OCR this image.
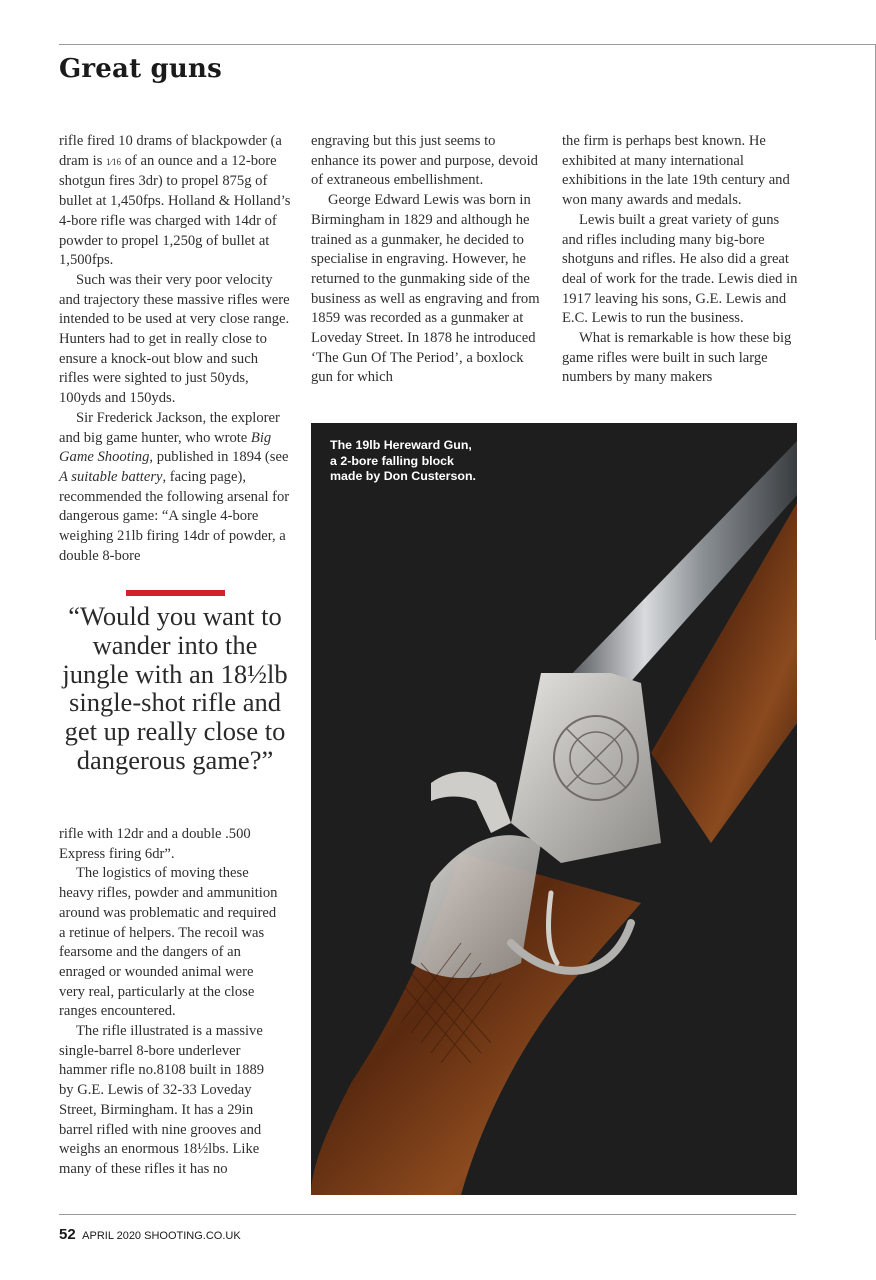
Great guns

rifle fired 10 drams of blackpowder (a dram is 1⁄16 of an ounce and a 12-bore shotgun fires 3dr) to propel 875g of bullet at 1,450fps. Holland & Holland’s 4-bore rifle was charged with 14dr of powder to propel 1,250g of bullet at 1,500fps.

Such was their very poor velocity and trajectory these massive rifles were intended to be used at very close range. Hunters had to get in really close to ensure a knock-out blow and such rifles were sighted to just 50yds, 100yds and 150yds.

Sir Frederick Jackson, the explorer and big game hunter, who wrote Big Game Shooting, published in 1894 (see A suitable battery, facing page), recommended the following arsenal for dangerous game: “A single 4-bore weighing 21lb firing 14dr of powder, a double 8-bore

“Would you want to wander into the jungle with an 18½lb single-shot rifle and get up really close to dangerous game?”

rifle with 12dr and a double .500 Express firing 6dr”.

The logistics of moving these heavy rifles, powder and ammunition around was problematic and required a retinue of helpers. The recoil was fearsome and the dangers of an enraged or wounded animal were very real, particularly at the close ranges encountered.

The rifle illustrated is a massive single-barrel 8-bore underlever hammer rifle no.8108 built in 1889 by G.E. Lewis of 32-33 Loveday Street, Birmingham. It has a 29in barrel rifled with nine grooves and weighs an enormous 18½lbs. Like many of these rifles it has no

engraving but this just seems to enhance its power and purpose, devoid of extraneous embellishment.

George Edward Lewis was born in Birmingham in 1829 and although he trained as a gunmaker, he decided to specialise in engraving. However, he returned to the gunmaking side of the business as well as engraving and from 1859 was recorded as a gunmaker at Loveday Street. In 1878 he introduced ‘The Gun Of The Period’, a boxlock gun for which

the firm is perhaps best known. He exhibited at many international exhibitions in the late 19th century and won many awards and medals.

Lewis built a great variety of guns and rifles including many big-bore shotguns and rifles. He also did a great deal of work for the trade. Lewis died in 1917 leaving his sons, G.E. Lewis and E.C. Lewis to run the business.

What is remarkable is how these big game rifles were built in such large numbers by many makers

The 19lb Hereward Gun,
a 2-bore falling block
made by Don Custerson.

52 APRIL 2020 SHOOTING.CO.UK
